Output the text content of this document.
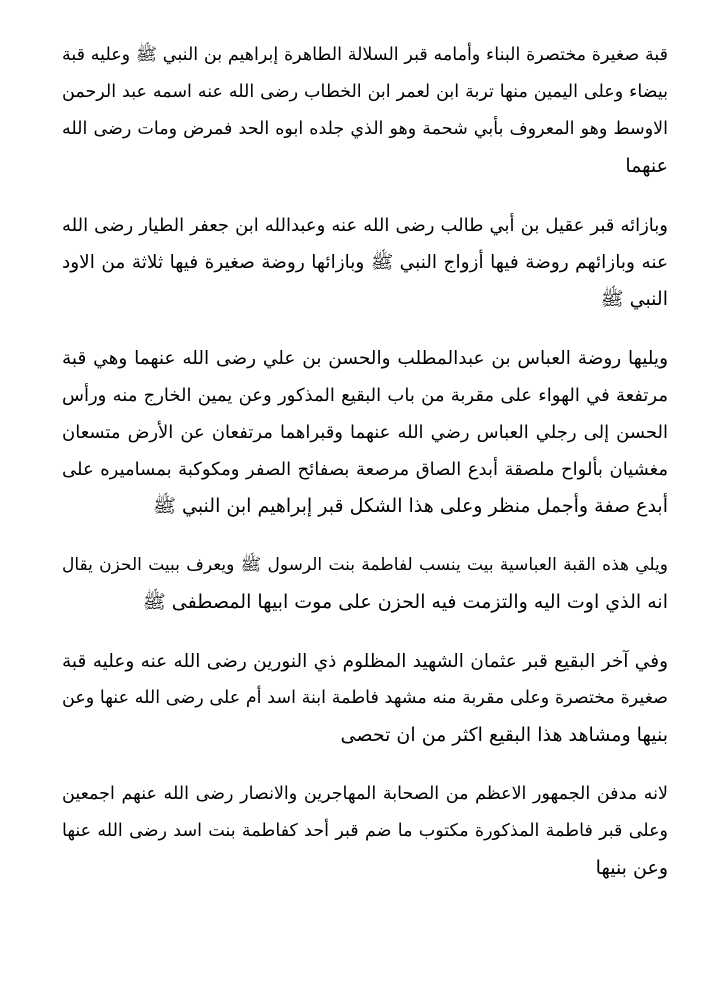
قبة صغيرة مختصرة البناء وأمامه قبر السلالة الطاهرة إبراهيم بن النبي ﷺ وعليه قبة
بيضاء وعلى اليمين منها تربة ابن لعمر ابن الخطاب رضى الله عنه اسمه عبد الرحمن
الاوسط وهو المعروف بأبي شحمة وهو الذي جلده ابوه الحد فمرض ومات رضى الله
عنهما

وبازائه قبر عقيل بن أبي طالب رضى الله عنه وعبدالله ابن جعفر الطيار رضى الله
عنه وبازائهم روضة فيها أزواج النبي ﷺ وبازائها روضة صغيرة فيها ثلاثة من الاود
النبي ﷺ

ويليها روضة العباس بن عبدالمطلب والحسن بن علي رضى الله عنهما وهي قبة
مرتفعة في الهواء على مقربة من باب البقيع المذكور وعن يمين الخارج منه ورأس
الحسن إلى رجلي العباس رضي الله عنهما وقبراهما مرتفعان عن الأرض متسعان
مغشيان بألواح ملصقة أبدع الصاق مرصعة بصفائح الصفر ومكوكبة بمساميره على
أبدع صفة وأجمل منظر وعلى هذا الشكل قبر إبراهيم ابن النبي ﷺ

ويلي هذه القبة العباسية بيت ينسب لفاطمة بنت الرسول ﷺ ويعرف ببيت الحزن يقال
انه الذي اوت اليه والتزمت فيه الحزن على موت ابيها المصطفى ﷺ

وفي آخر البقيع قبر عثمان الشهيد المظلوم ذي النورين رضى الله عنه وعليه قبة
صغيرة مختصرة وعلى مقربة منه مشهد فاطمة ابنة اسد أم على رضى الله عنها وعن
بنيها ومشاهد هذا البقيع اكثر من ان تحصى

لانه مدفن الجمهور الاعظم من الصحابة المهاجرين والانصار رضى الله عنهم اجمعين
وعلى قبر فاطمة المذكورة مكتوب ما ضم قبر أحد كفاطمة بنت اسد رضى الله عنها
وعن بنيها
